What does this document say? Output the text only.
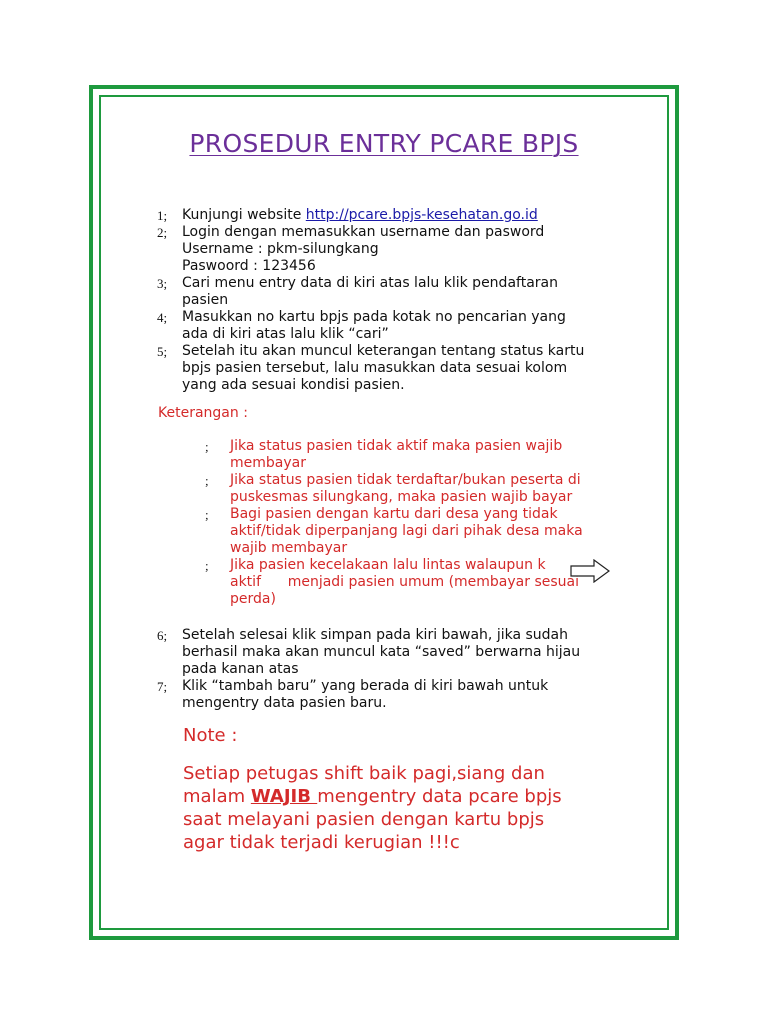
PROSEDUR ENTRY PCARE BPJS
1;	Kunjungi website http://pcare.bpjs-kesehatan.go.id
2;	Login dengan memasukkan username dan pasword
Username : pkm-silungkang
Paswoord : 123456
3;	Cari menu entry data di kiri atas lalu klik pendaftaran
pasien
4;	Masukkan no kartu bpjs pada kotak no pencarian yang
ada di kiri atas lalu klik “cari”
5;	Setelah itu akan muncul keterangan tentang status kartu
bpjs pasien tersebut, lalu masukkan data sesuai kolom
yang ada sesuai kondisi pasien.
Keterangan :
;	Jika status pasien tidak aktif maka pasien wajib
membayar
;	Jika status pasien tidak terdaftar/bukan peserta di
puskesmas silungkang, maka pasien wajib bayar
;	Bagi pasien dengan kartu dari desa yang tidak
aktif/tidak diperpanjang lagi dari pihak desa maka
wajib membayar
;	Jika pasien kecelakaan lalu lintas walaupun k
aktif      menjadi pasien umum (membayar sesuai
perda)
6;	Setelah selesai klik simpan pada kiri bawah, jika sudah
berhasil maka akan muncul kata “saved” berwarna hijau
pada kanan atas
7;	Klik “tambah baru” yang berada di kiri bawah untuk
mengentry data pasien baru.
Note :
Setiap petugas shift baik pagi,siang dan
malam WAJIB mengentry data pcare bpjs
saat melayani pasien dengan kartu bpjs
agar tidak terjadi kerugian !!!c
